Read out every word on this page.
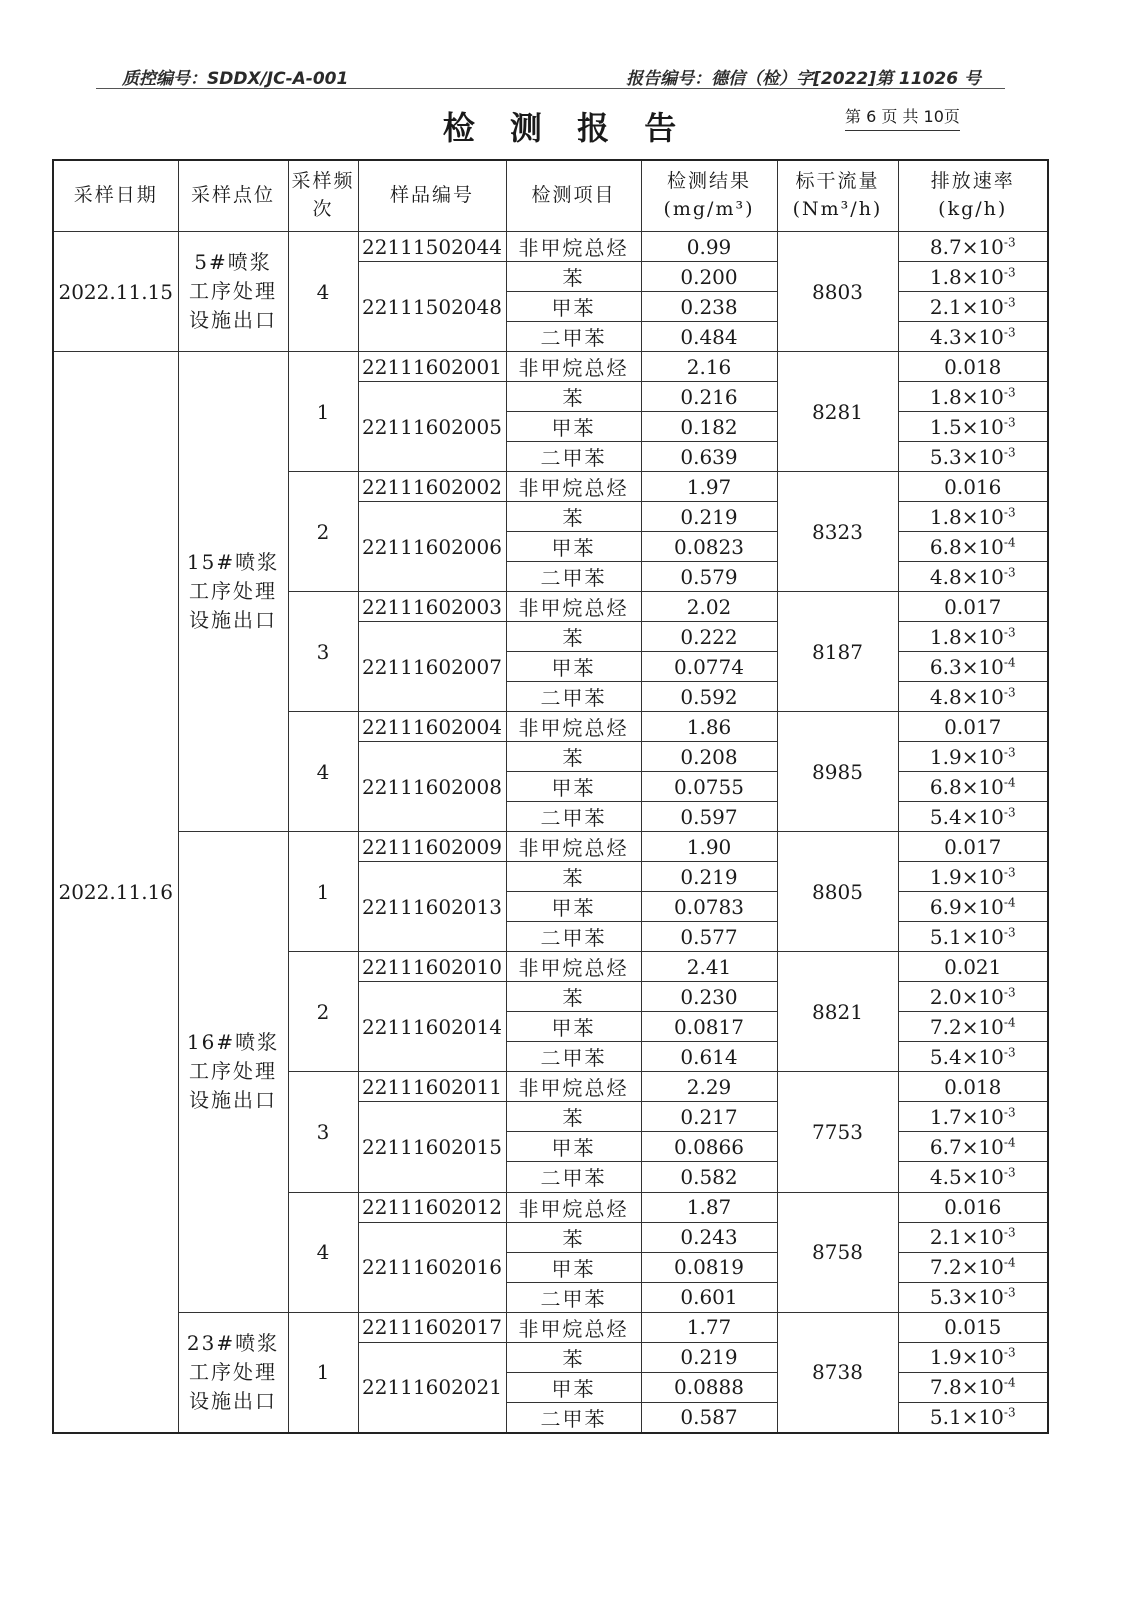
质控编号：SDDX/JC-A-001	报告编号：德信（检）字[2022]第 11026 号
检 测 报 告	第 6 页 共 10页
采样日期	采样点位	采样频次	样品编号	检测项目	检测结果 (mg/m³)	标干流量 (Nm³/h)	排放速率 (kg/h)
2022.11.15	5#喷浆工序处理设施出口	4	22111502044	非甲烷总烃	0.99	8803	$8.7\times 10^{-3}$
			22111502048	苯	0.200		$1.8\times 10^{-3}$
				甲苯	0.238		$2.1\times 10^{-3}$
				二甲苯	0.484		$4.3\times 10^{-3}$
2022.11.16	15#喷浆工序处理设施出口	1	22111602001	非甲烷总烃	2.16	8281	0.018
			22111602005	苯	0.216		$1.8\times 10^{-3}$
				甲苯	0.182		$1.5\times 10^{-3}$
				二甲苯	0.639		$5.3\times 10^{-3}$
		2	22111602002	非甲烷总烃	1.97	8323	0.016
			22111602006	苯	0.219		$1.8\times 10^{-3}$
				甲苯	0.0823		$6.8\times 10^{-4}$
				二甲苯	0.579		$4.8\times 10^{-3}$
		3	22111602003	非甲烷总烃	2.02	8187	0.017
			22111602007	苯	0.222		$1.8\times 10^{-3}$
				甲苯	0.0774		$6.3\times 10^{-4}$
				二甲苯	0.592		$4.8\times 10^{-3}$
		4	22111602004	非甲烷总烃	1.86	8985	0.017
			22111602008	苯	0.208		$1.9\times 10^{-3}$
				甲苯	0.0755		$6.8\times 10^{-4}$
				二甲苯	0.597		$5.4\times 10^{-3}$
	16#喷浆工序处理设施出口	1	22111602009	非甲烷总烃	1.90	8805	0.017
			22111602013	苯	0.219		$1.9\times 10^{-3}$
				甲苯	0.0783		$6.9\times 10^{-4}$
				二甲苯	0.577		$5.1\times 10^{-3}$
		2	22111602010	非甲烷总烃	2.41	8821	0.021
			22111602014	苯	0.230		$2.0\times 10^{-3}$
				甲苯	0.0817		$7.2\times 10^{-4}$
				二甲苯	0.614		$5.4\times 10^{-3}$
		3	22111602011	非甲烷总烃	2.29	7753	0.018
			22111602015	苯	0.217		$1.7\times 10^{-3}$
				甲苯	0.0866		$6.7\times 10^{-4}$
				二甲苯	0.582		$4.5\times 10^{-3}$
		4	22111602012	非甲烷总烃	1.87	8758	0.016
			22111602016	苯	0.243		$2.1\times 10^{-3}$
				甲苯	0.0819		$7.2\times 10^{-4}$
				二甲苯	0.601		$5.3\times 10^{-3}$
	23#喷浆工序处理设施出口	1	22111602017	非甲烷总烃	1.77	8738	0.015
			22111602021	苯	0.219		$1.9\times 10^{-3}$
				甲苯	0.0888		$7.8\times 10^{-4}$
				二甲苯	0.587		$5.1\times 10^{-3}$
